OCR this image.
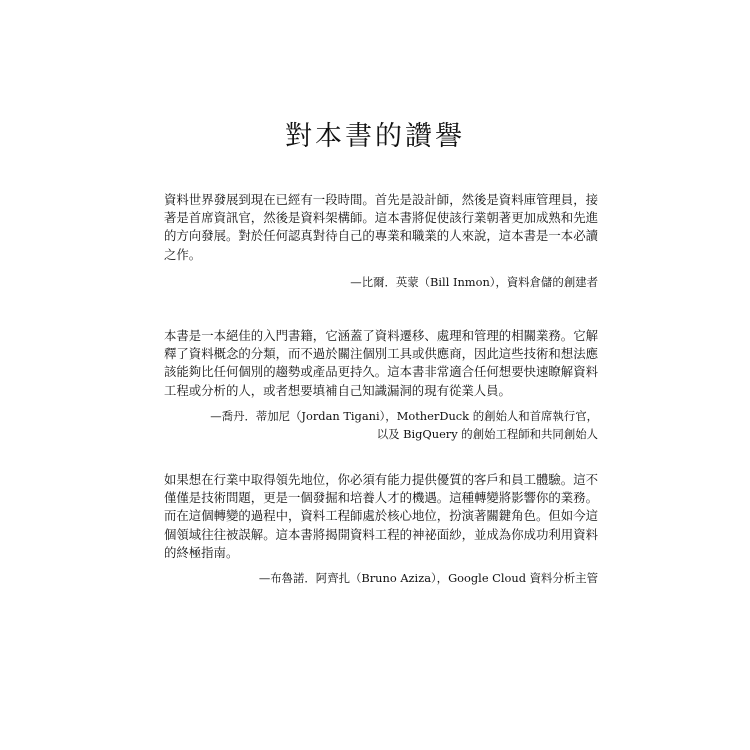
對本書的讚譽

資料世界發展到現在已經有一段時間。首先是設計師，然後是資料庫管理員，接著是首席資訊官，然後是資料架構師。這本書將促使該行業朝著更加成熟和先進的方向發展。對於任何認真對待自己的專業和職業的人來說，這本書是一本必讀之作。

—比爾．英蒙（Bill Inmon），資料倉儲的創建者

本書是一本絕佳的入門書籍，它涵蓋了資料遷移、處理和管理的相關業務。它解釋了資料概念的分類，而不過於關注個別工具或供應商，因此這些技術和想法應該能夠比任何個別的趨勢或產品更持久。這本書非常適合任何想要快速瞭解資料工程或分析的人，或者想要填補自己知識漏洞的現有從業人員。

—喬丹．蒂加尼（Jordan Tigani），MotherDuck 的創始人和首席執行官，

以及 BigQuery 的創始工程師和共同創始人

如果想在行業中取得領先地位，你必須有能力提供優質的客戶和員工體驗。這不僅僅是技術問題，更是一個發掘和培養人才的機遇。這種轉變將影響你的業務。而在這個轉變的過程中，資料工程師處於核心地位，扮演著關鍵角色。但如今這個領域往往被誤解。這本書將揭開資料工程的神祕面紗，並成為你成功利用資料的終極指南。

—布魯諾．阿齊扎（Bruno Aziza），Google Cloud 資料分析主管
